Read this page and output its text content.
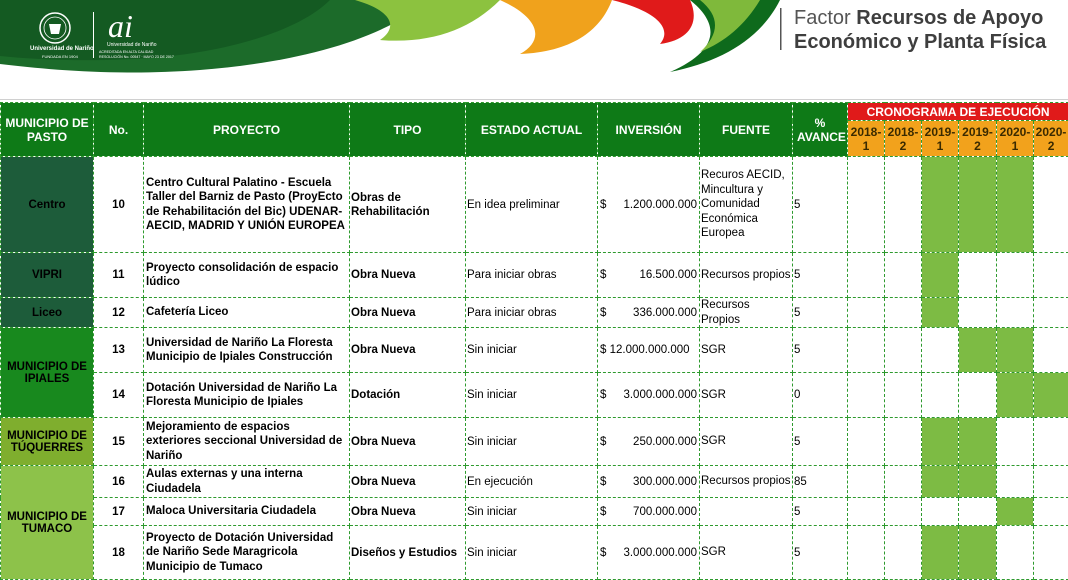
Universidad de Nariño
FUNDADA EN 1904
ai
Universidad de Nariño
ACREDITADA EN ALTA CALIDAD
RESOLUCIÓN No. 00547 · MAYO 23 DE 2017
Factor Recursos de Apoyo
Económico y Planta Física
MUNICIPIO DE PASTO	No.	PROYECTO	TIPO	ESTADO ACTUAL	INVERSIÓN	FUENTE	% AVANCE	CRONOGRAMA DE EJECUCIÓN					
								2018-1	2018-2	2019-1	2019-2	2020-1	2020-2
Centro	10	Centro Cultural Palatino - Escuela Taller del Barniz de Pasto (ProyEcto de Rehabilitación del Bic) UDENAR- AECID, MADRID Y UNIÓN EUROPEA	Obras de Rehabilitación	En idea preliminar	$ 1.200.000.000	Recuros AECID, Mincultura y Comunidad Económica Europea	5						
VIPRI	11	Proyecto consolidación de espacio lúdico	Obra Nueva	Para iniciar obras	$ 16.500.000	Recursos propios	5						
Liceo	12	Cafetería Liceo	Obra Nueva	Para iniciar obras	$ 336.000.000	Recursos Propios	5						
MUNICIPIO DE IPIALES	13	Universidad de Nariño La Floresta Municipio de Ipiales Construcción	Obra Nueva	Sin iniciar	$ 12.000.000.000	SGR	5						
	14	Dotación Universidad de Nariño La Floresta Municipio de Ipiales	Dotación	Sin iniciar	$ 3.000.000.000	SGR	0						
MUNICIPIO DE TÚQUERRES	15	Mejoramiento de espacios exteriores seccional Universidad de Nariño	Obra Nueva	Sin iniciar	$ 250.000.000	SGR	5						
MUNICIPIO DE TUMACO	16	Aulas externas y una interna Ciudadela	Obra Nueva	En ejecución	$ 300.000.000	Recursos propios	85						
	17	Maloca Universitaria Ciudadela	Obra Nueva	Sin iniciar	$ 700.000.000		5						
	18	Proyecto de Dotación Universidad de Nariño Sede Maragricola Municipio de Tumaco	Diseños y Estudios	Sin iniciar	$ 3.000.000.000	SGR	5						
